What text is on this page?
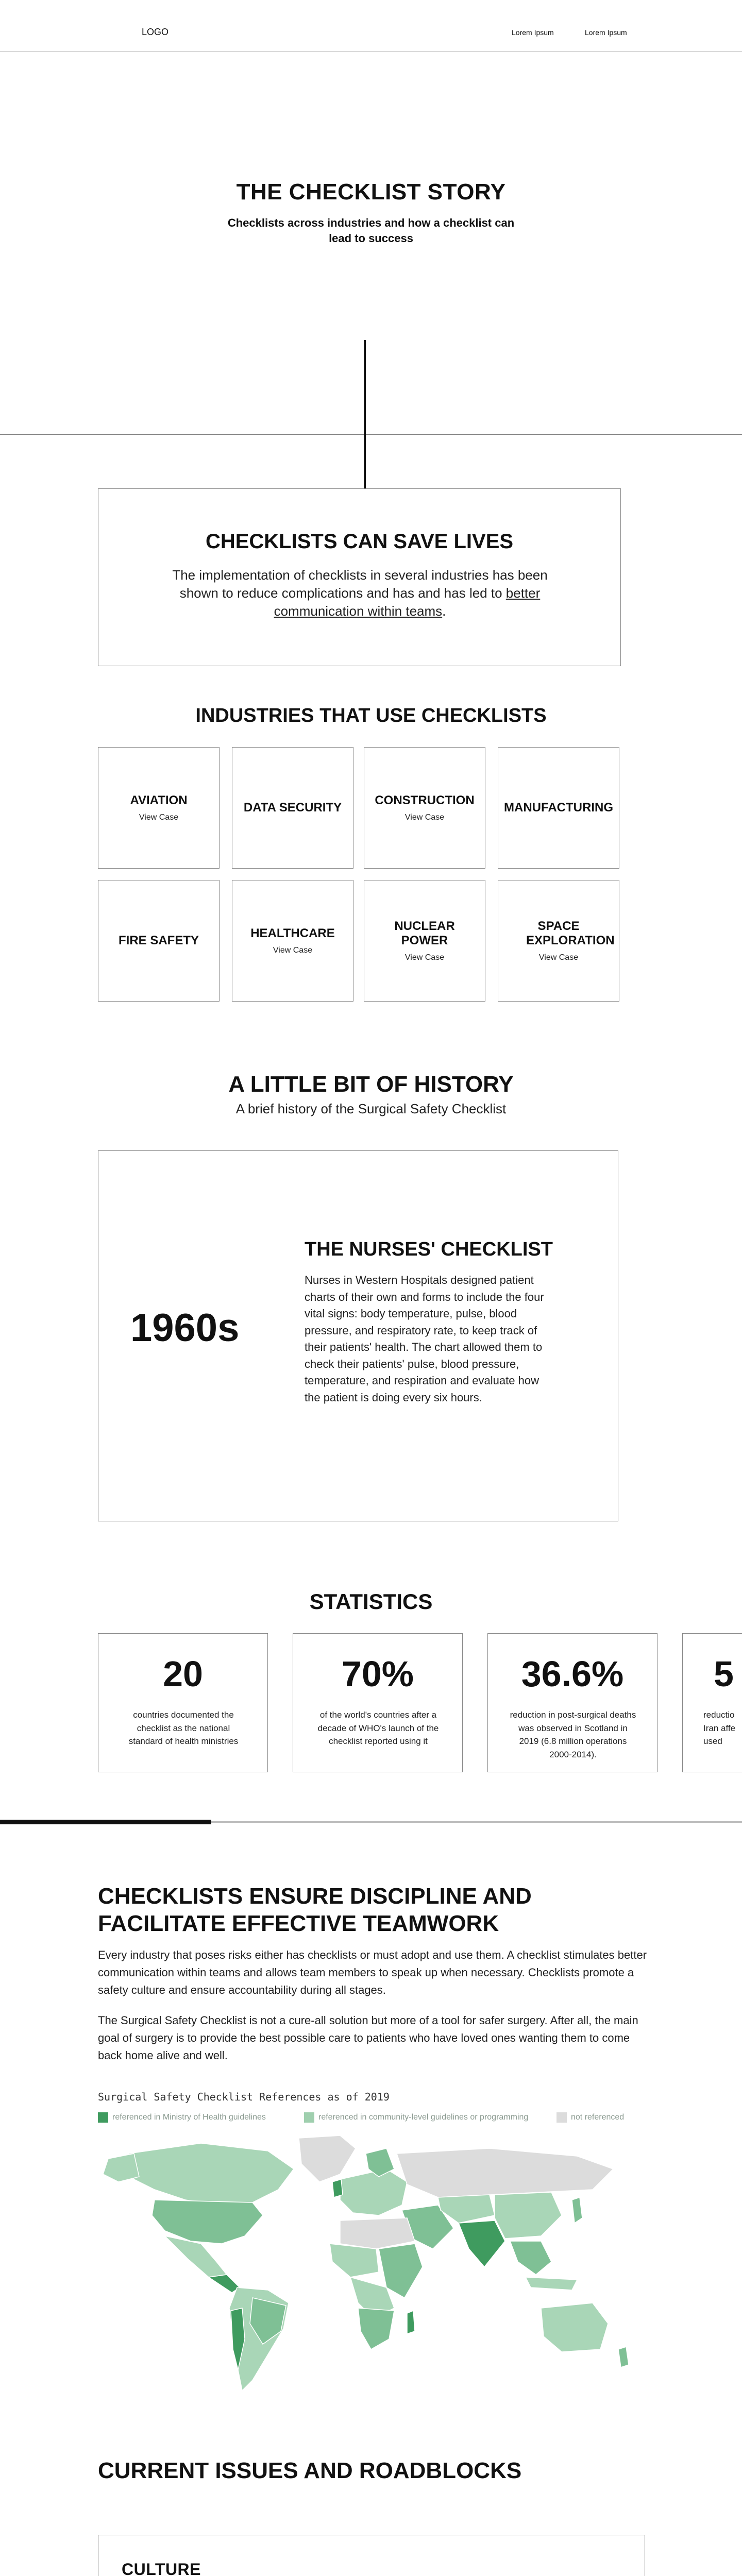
LOGO	Lorem Ipsum	Lorem Ipsum
THE CHECKLIST STORY

Checklists across industries and how a checklist can lead to success

CHECKLISTS CAN SAVE LIVES

The implementation of checklists in several industries has been shown to reduce complications and has and has led to better communication within teams.

INDUSTRIES THAT USE CHECKLISTS
AVIATION
View Case
DATA SECURITY
CONSTRUCTION
View Case
MANUFACTURING
FIRE SAFETY
HEALTHCARE
View Case
NUCLEAR POWER
View Case
SPACE EXPLORATION
View Case
A LITTLE BIT OF HISTORY

A brief history of the Surgical Safety Checklist

1960s
THE NURSES' CHECKLIST

Nurses in Western Hospitals designed patient charts of their own and forms to include the four vital signs: body temperature, pulse, blood pressure, and respiratory rate, to keep track of their patients' health. The chart allowed them to check their patients' pulse, blood pressure, temperature, and respiration and evaluate how the patient is doing every six hours.

STATISTICS
20
countries documented the checklist as the national standard of health ministries
70%
of the world's countries after a decade of WHO's launch of the checklist reported using it
36.6%
reduction in post-surgical deaths was observed in Scotland in 2019 (6.8 million operations 2000-2014).
5
reductio Iran affe used
CHECKLISTS ENSURE DISCIPLINE AND
FACILITATE EFFECTIVE TEAMWORK

Every industry that poses risks either has checklists or must adopt and use them. A checklist stimulates better communication within teams and allows team members to speak up when necessary. Checklists promote a safety culture and ensure accountability during all stages.

The Surgical Safety Checklist is not a cure-all solution but more of a tool for safer surgery. After all, the main goal of surgery is to provide the best possible care to patients who have loved ones wanting them to come back home alive and well.

Surgical Safety Checklist References as of 2019
referenced in Ministry of Health guidelines	referenced in community-level guidelines or programming	not referenced
CURRENT ISSUES AND ROADBLOCKS
CULTURE
